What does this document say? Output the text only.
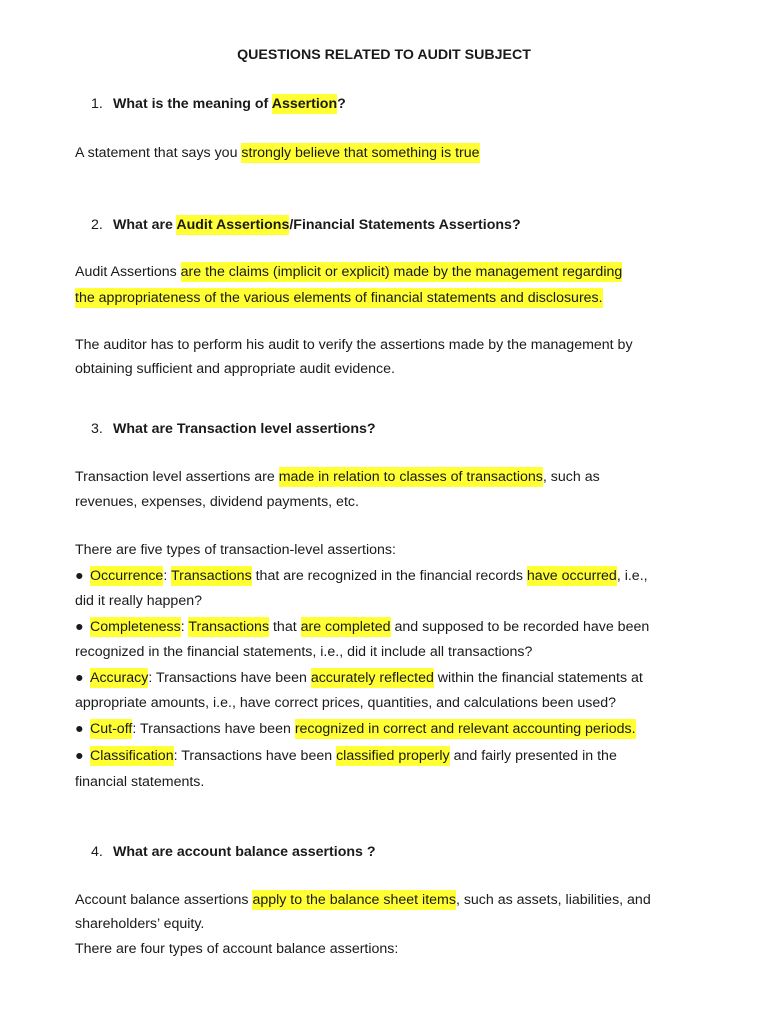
QUESTIONS RELATED TO AUDIT SUBJECT
1. What is the meaning of Assertion?
A statement that says you strongly believe that something is true
2. What are Audit Assertions/Financial Statements Assertions?
Audit Assertions are the claims (implicit or explicit) made by the management regarding
the appropriateness of the various elements of financial statements and disclosures.
The auditor has to perform his audit to verify the assertions made by the management by
obtaining sufficient and appropriate audit evidence.
3. What are Transaction level assertions?
Transaction level assertions are made in relation to classes of transactions, such as
revenues, expenses, dividend payments, etc.
There are five types of transaction-level assertions:
● Occurrence: Transactions that are recognized in the financial records have occurred, i.e.,
did it really happen?
● Completeness: Transactions that are completed and supposed to be recorded have been
recognized in the financial statements, i.e., did it include all transactions?
● Accuracy: Transactions have been accurately reflected within the financial statements at
appropriate amounts, i.e., have correct prices, quantities, and calculations been used?
● Cut-off: Transactions have been recognized in correct and relevant accounting periods.
● Classification: Transactions have been classified properly and fairly presented in the
financial statements.
4. What are account balance assertions ?
Account balance assertions apply to the balance sheet items, such as assets, liabilities, and
shareholders’ equity.
There are four types of account balance assertions:
